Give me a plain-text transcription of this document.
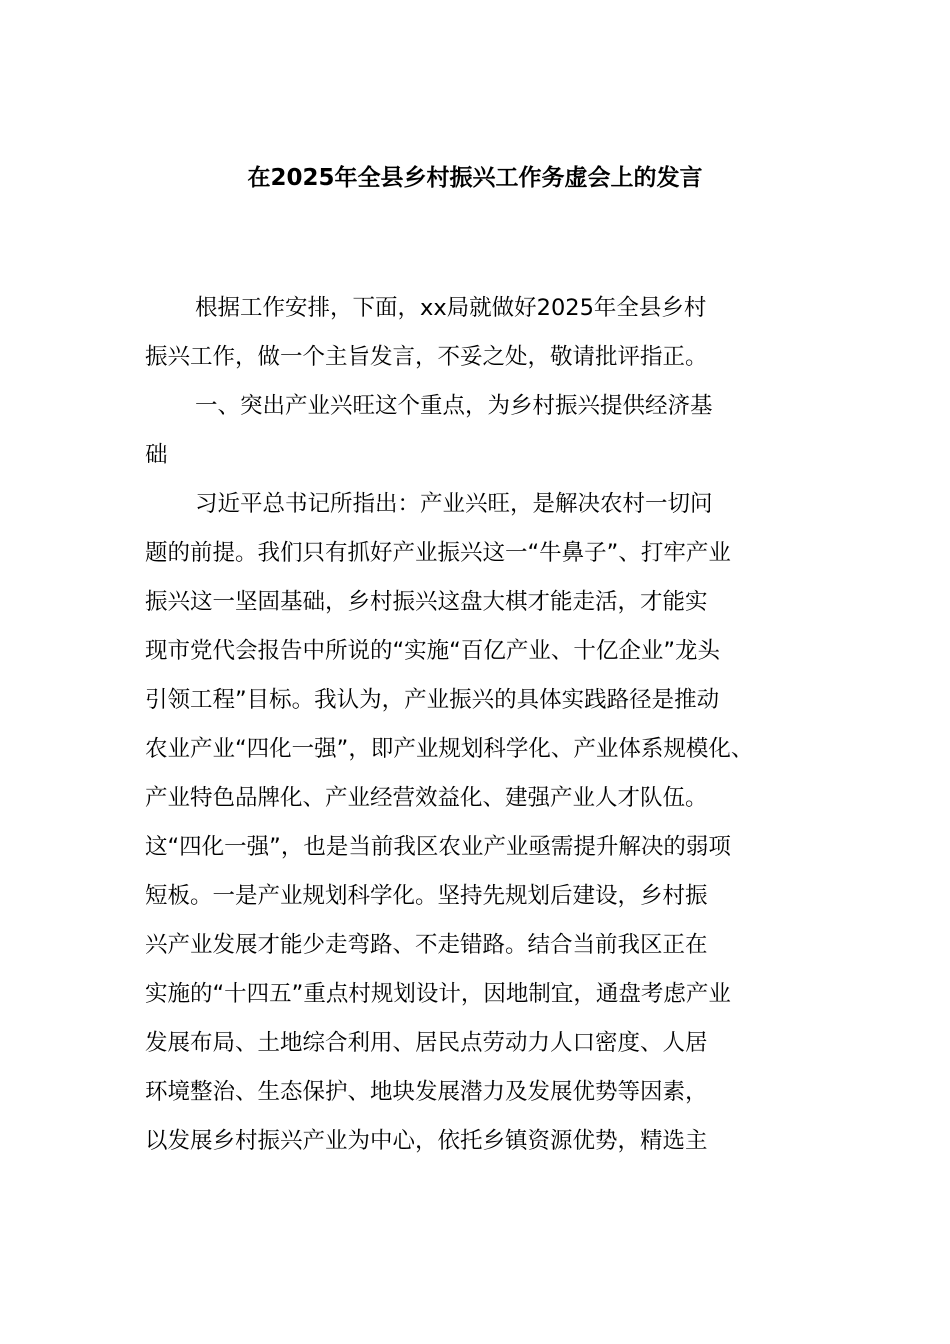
在2025年全县乡村振兴工作务虚会上的发言
根据工作安排，下面，xx局就做好2025年全县乡村
振兴工作，做一个主旨发言，不妥之处，敬请批评指正。
一、突出产业兴旺这个重点，为乡村振兴提供经济基
础
习近平总书记所指出：产业兴旺，是解决农村一切问
题的前提。我们只有抓好产业振兴这一“牛鼻子”、打牢产业
振兴这一坚固基础，乡村振兴这盘大棋才能走活，才能实
现市党代会报告中所说的“实施“百亿产业、十亿企业”龙头
引领工程”目标。我认为，产业振兴的具体实践路径是推动
农业产业“四化一强”，即产业规划科学化、产业体系规模化、
产业特色品牌化、产业经营效益化、建强产业人才队伍。
这“四化一强”，也是当前我区农业产业亟需提升解决的弱项
短板。一是产业规划科学化。坚持先规划后建设，乡村振
兴产业发展才能少走弯路、不走错路。结合当前我区正在
实施的“十四五”重点村规划设计，因地制宜，通盘考虑产业
发展布局、土地综合利用、居民点劳动力人口密度、人居
环境整治、生态保护、地块发展潜力及发展优势等因素，
以发展乡村振兴产业为中心，依托乡镇资源优势，精选主
